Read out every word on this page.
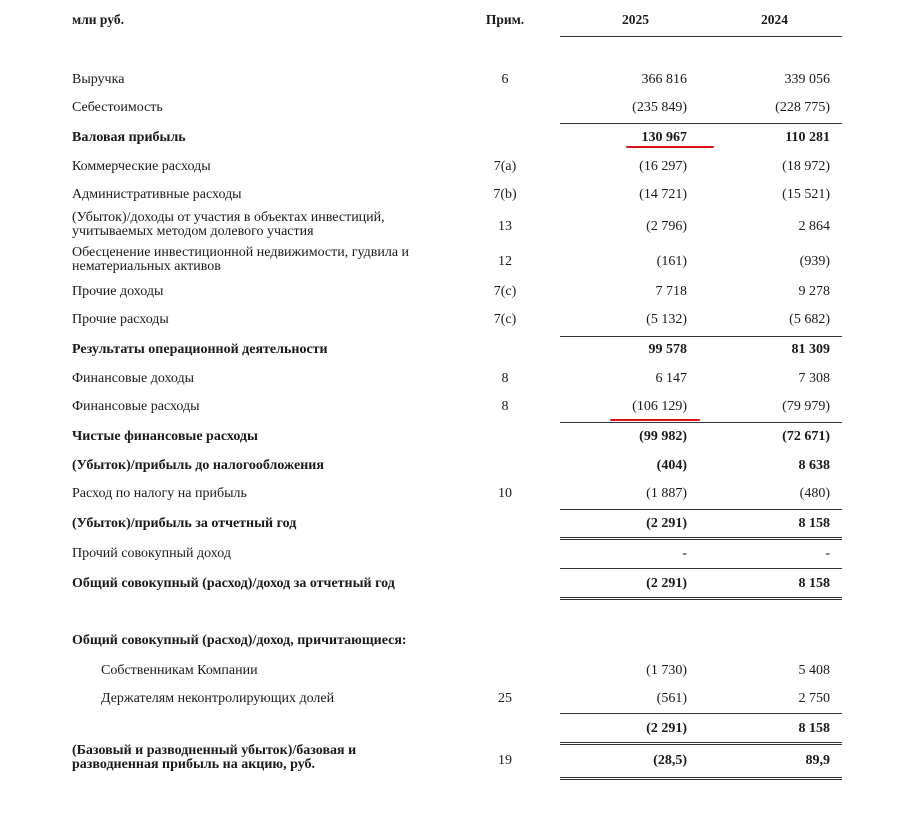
млн руб.	Прим.	2025	2024
Выручка	6	366 816	339 056
Себестоимость	(235 849)	(228 775)
Валовая прибыль	130 967	110 281
Коммерческие расходы	7(a)	(16 297)	(18 972)
Административные расходы	7(b)	(14 721)	(15 521)
(Убыток)/доходы от участия в объектах инвестиций,
учитываемых методом долевого участия	13	(2 796)	2 864
Обесценение инвестиционной недвижимости, гудвила и
нематериальных активов	12	(161)	(939)
Прочие доходы	7(c)	7 718	9 278
Прочие расходы	7(c)	(5 132)	(5 682)
Результаты операционной деятельности	99 578	81 309
Финансовые доходы	8	6 147	7 308
Финансовые расходы	8	(106 129)	(79 979)
Чистые финансовые расходы	(99 982)	(72 671)
(Убыток)/прибыль до налогообложения	(404)	8 638
Расход по налогу на прибыль	10	(1 887)	(480)
(Убыток)/прибыль за отчетный год	(2 291)	8 158
Прочий совокупный доход	-	-
Общий совокупный (расход)/доход за отчетный год	(2 291)	8 158
Общий совокупный (расход)/доход, причитающиеся:
Собственникам Компании	(1 730)	5 408
Держателям неконтролирующих долей	25	(561)	2 750
(2 291)	8 158
(Базовый и разводненный убыток)/базовая и
разводненная прибыль на акцию, руб.	19	(28,5)	89,9
